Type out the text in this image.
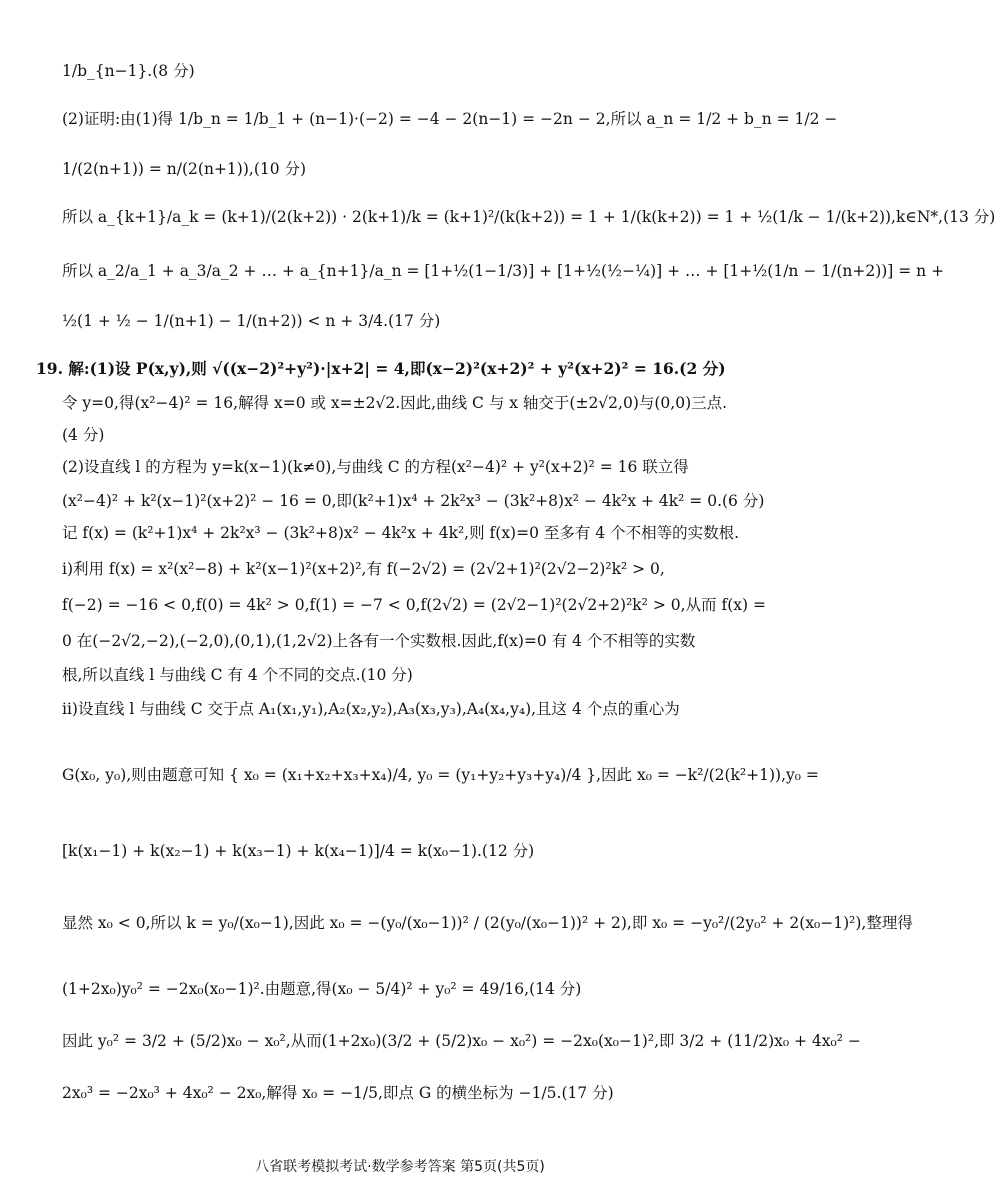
1/b_{n−1}.(8 分)
(2)证明:由(1)得 1/b_n = 1/b_1 + (n−1)·(−2) = −4 − 2(n−1) = −2n − 2,所以 a_n = 1/2 + b_n = 1/2 −
1/(2(n+1)) = n/(2(n+1)),(10 分)
所以 a_{k+1}/a_k = (k+1)/(2(k+2)) · 2(k+1)/k = (k+1)²/(k(k+2)) = 1 + 1/(k(k+2)) = 1 + ½(1/k − 1/(k+2)),k∈N*,(13 分)
所以 a_2/a_1 + a_3/a_2 + … + a_{n+1}/a_n = [1+½(1−1/3)] + [1+½(½−¼)] + … + [1+½(1/n − 1/(n+2))] = n +
½(1 + ½ − 1/(n+1) − 1/(n+2)) < n + 3/4.(17 分)
19. 解:(1)设 P(x,y),则 √((x−2)²+y²)·|x+2| = 4,即(x−2)²(x+2)² + y²(x+2)² = 16.(2 分)
令 y=0,得(x²−4)² = 16,解得 x=0 或 x=±2√2.因此,曲线 C 与 x 轴交于(±2√2,0)与(0,0)三点.
(4 分)
(2)设直线 l 的方程为 y=k(x−1)(k≠0),与曲线 C 的方程(x²−4)² + y²(x+2)² = 16 联立得
(x²−4)² + k²(x−1)²(x+2)² − 16 = 0,即(k²+1)x⁴ + 2k²x³ − (3k²+8)x² − 4k²x + 4k² = 0.(6 分)
记 f(x) = (k²+1)x⁴ + 2k²x³ − (3k²+8)x² − 4k²x + 4k²,则 f(x)=0 至多有 4 个不相等的实数根.
i)利用 f(x) = x²(x²−8) + k²(x−1)²(x+2)²,有 f(−2√2) = (2√2+1)²(2√2−2)²k² > 0,
f(−2) = −16 < 0,f(0) = 4k² > 0,f(1) = −7 < 0,f(2√2) = (2√2−1)²(2√2+2)²k² > 0,从而 f(x) =
0 在(−2√2,−2),(−2,0),(0,1),(1,2√2)上各有一个实数根.因此,f(x)=0 有 4 个不相等的实数
根,所以直线 l 与曲线 C 有 4 个不同的交点.(10 分)
ii)设直线 l 与曲线 C 交于点 A₁(x₁,y₁),A₂(x₂,y₂),A₃(x₃,y₃),A₄(x₄,y₄),且这 4 个点的重心为
G(x₀, y₀),则由题意可知 { x₀ = (x₁+x₂+x₃+x₄)/4, y₀ = (y₁+y₂+y₃+y₄)/4 },因此 x₀ = −k²/(2(k²+1)),y₀ =
[k(x₁−1) + k(x₂−1) + k(x₃−1) + k(x₄−1)]/4 = k(x₀−1).(12 分)
显然 x₀ < 0,所以 k = y₀/(x₀−1),因此 x₀ = −(y₀/(x₀−1))² / (2(y₀/(x₀−1))² + 2),即 x₀ = −y₀²/(2y₀² + 2(x₀−1)²),整理得
(1+2x₀)y₀² = −2x₀(x₀−1)².由题意,得(x₀ − 5/4)² + y₀² = 49/16,(14 分)
因此 y₀² = 3/2 + (5/2)x₀ − x₀²,从而(1+2x₀)(3/2 + (5/2)x₀ − x₀²) = −2x₀(x₀−1)²,即 3/2 + (11/2)x₀ + 4x₀² −
2x₀³ = −2x₀³ + 4x₀² − 2x₀,解得 x₀ = −1/5,即点 G 的横坐标为 −1/5.(17 分)
八省联考模拟考试·数学参考答案 第5页(共5页)
